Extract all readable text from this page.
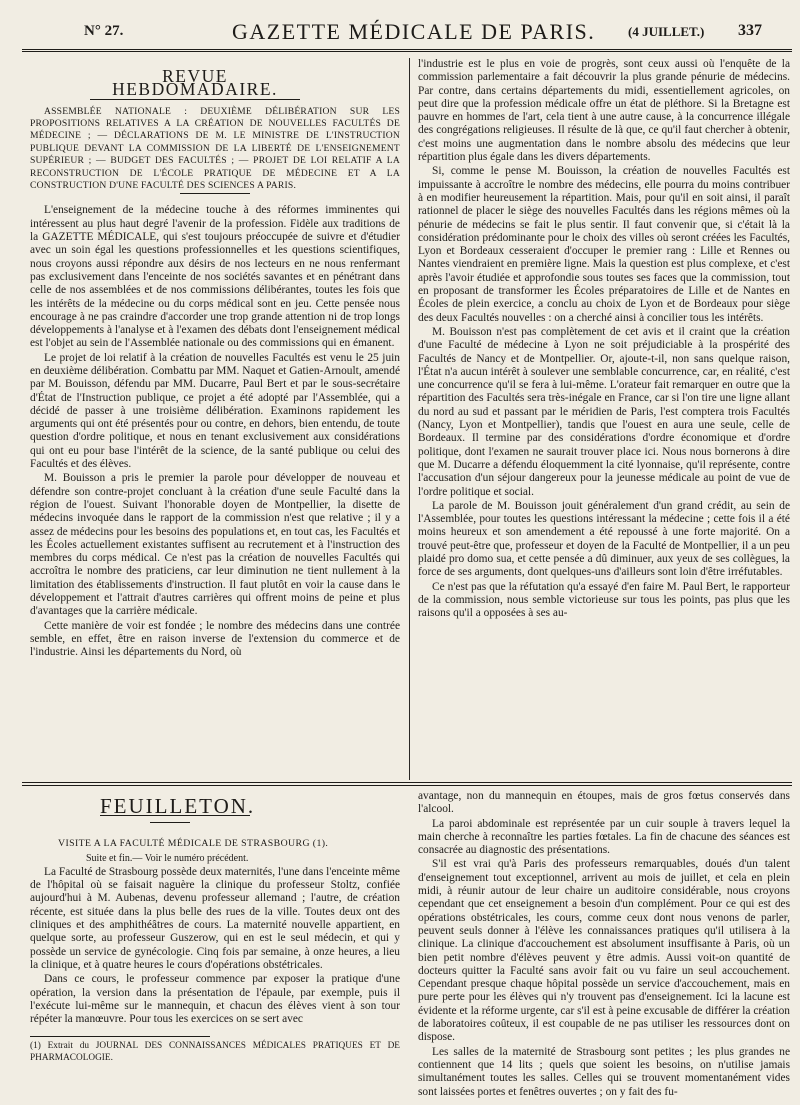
N° 27.	GAZETTE MÉDICALE DE PARIS.	(4 JUILLET.) 337
REVUE HEBDOMADAIRE.

ASSEMBLÉE NATIONALE : DEUXIÈME DÉLIBÉRATION SUR LES PROPOSITIONS RELATIVES A LA CRÉATION DE NOUVELLES FACULTÉS DE MÉDECINE ; — DÉCLARATIONS DE M. LE MINISTRE DE L'INSTRUCTION PUBLIQUE DEVANT LA COMMISSION DE LA LIBERTÉ DE L'ENSEIGNEMENT SUPÉRIEUR ; — BUDGET DES FACULTÉS ; — PROJET DE LOI RELATIF A LA RECONSTRUCTION DE L'ÉCOLE PRATIQUE DE MÉDECINE ET A LA CONSTRUCTION D'UNE FACULTÉ DES SCIENCES A PARIS.

L'enseignement de la médecine touche à des réformes imminentes qui intéressent au plus haut degré l'avenir de la profession. Fidèle aux traditions de la GAZETTE MÉDICALE, qui s'est toujours préoccupée de suivre et d'étudier avec un soin égal les questions professionnelles et les questions scientifiques, nous croyons aussi répondre aux désirs de nos lecteurs en ne nous renfermant pas exclusivement dans l'enceinte de nos sociétés savantes et en pénétrant dans celle de nos assemblées et de nos commissions délibérantes, toutes les fois que les intérêts de la médecine ou du corps médical sont en jeu. Cette pensée nous encourage à ne pas craindre d'accorder une trop grande attention ni de trop longs développements à l'analyse et à l'examen des débats dont l'enseignement médical est l'objet au sein de l'Assemblée nationale ou des commissions qui en émanent.

Le projet de loi relatif à la création de nouvelles Facultés est venu le 25 juin en deuxième délibération. Combattu par MM. Naquet et Gatien-Arnoult, amendé par M. Bouisson, défendu par MM. Ducarre, Paul Bert et par le sous-secrétaire d'État de l'Instruction publique, ce projet a été adopté par l'Assemblée, qui a décidé de passer à une troisième délibération. Examinons rapidement les arguments qui ont été présentés pour ou contre, en dehors, bien entendu, de toute question d'ordre politique, et nous en tenant exclusivement aux considérations qui ont eu pour base l'intérêt de la science, de la santé publique ou celui des Facultés et des élèves.

M. Bouisson a pris le premier la parole pour développer de nouveau et défendre son contre-projet concluant à la création d'une seule Faculté dans la région de l'ouest. Suivant l'honorable doyen de Montpellier, la disette de médecins invoquée dans le rapport de la commission n'est que relative ; il y a assez de médecins pour les besoins des populations et, en tout cas, les Facultés et les Écoles actuellement existantes suffisent au recrutement et à l'instruction des membres du corps médical. Ce n'est pas la création de nouvelles Facultés qui accroîtra le nombre des praticiens, car leur diminution ne tient nullement à la limitation des établissements d'instruction. Il faut plutôt en voir la cause dans le développement et l'attrait d'autres carrières qui offrent moins de peine et plus d'avantages que la carrière médicale.

Cette manière de voir est fondée ; le nombre des médecins dans une contrée semble, en effet, être en raison inverse de l'extension du commerce et de l'industrie. Ainsi les départements du Nord, où

l'industrie est le plus en voie de progrès, sont ceux aussi où l'enquête de la commission parlementaire a fait découvrir la plus grande pénurie de médecins. Par contre, dans certains départements du midi, essentiellement agricoles, on peut dire que la profession médicale offre un état de pléthore. Si la Bretagne est pauvre en hommes de l'art, cela tient à une autre cause, à la concurrence illégale des congrégations religieuses. Il résulte de là que, ce qu'il faut chercher à obtenir, c'est moins une augmentation dans le nombre absolu des médecins que leur répartition plus égale dans les divers départements.

Si, comme le pense M. Bouisson, la création de nouvelles Facultés est impuissante à accroître le nombre des médecins, elle pourra du moins contribuer à en modifier heureusement la répartition. Mais, pour qu'il en soit ainsi, il paraît rationnel de placer le siège des nouvelles Facultés dans les régions mêmes où la pénurie de médecins se fait le plus sentir. Il faut convenir que, si c'était là la considération prédominante pour le choix des villes où seront créées les Facultés, Lyon et Bordeaux cesseraient d'occuper le premier rang : Lille et Rennes ou Nantes viendraient en première ligne. Mais la question est plus complexe, et c'est après l'avoir étudiée et approfondie sous toutes ses faces que la commission, tout en proposant de transformer les Écoles préparatoires de Lille et de Nantes en Écoles de plein exercice, a conclu au choix de Lyon et de Bordeaux pour siège des deux Facultés nouvelles : on a cherché ainsi à concilier tous les intérêts.

M. Bouisson n'est pas complètement de cet avis et il craint que la création d'une Faculté de médecine à Lyon ne soit préjudiciable à la prospérité des Facultés de Nancy et de Montpellier. Or, ajoute-t-il, non sans quelque raison, l'État n'a aucun intérêt à soulever une semblable concurrence, car, en réalité, c'est une concurrence qu'il se fera à lui-même. L'orateur fait remarquer en outre que la répartition des Facultés sera très-inégale en France, car si l'on tire une ligne allant du nord au sud et passant par le méridien de Paris, l'est comptera trois Facultés (Nancy, Lyon et Montpellier), tandis que l'ouest en aura une seule, celle de Bordeaux. Il termine par des considérations d'ordre économique et d'ordre politique, dont l'examen ne saurait trouver place ici. Nous nous bornerons à dire que M. Ducarre a défendu éloquemment la cité lyonnaise, qu'il représente, contre l'accusation d'un séjour dangereux pour la jeunesse médicale au point de vue de l'ordre politique et social.

La parole de M. Bouisson jouit généralement d'un grand crédit, au sein de l'Assemblée, pour toutes les questions intéressant la médecine ; cette fois il a été moins heureux et son amendement a été repoussé à une forte majorité. On a trouvé peut-être que, professeur et doyen de la Faculté de Montpellier, il a un peu plaidé pro domo sua, et cette pensée a dû diminuer, aux yeux de ses collègues, la force de ses arguments, dont quelques-uns d'ailleurs sont loin d'être irréfutables.

Ce n'est pas que la réfutation qu'a essayé d'en faire M. Paul Bert, le rapporteur de la commission, nous semble victorieuse sur tous les points, pas plus que les raisons qu'il a opposées à ses au-

FEUILLETON.

VISITE A LA FACULTÉ MÉDICALE DE STRASBOURG (1).

Suite et fin.— Voir le numéro précédent.

La Faculté de Strasbourg possède deux maternités, l'une dans l'enceinte même de l'hôpital où se faisait naguère la clinique du professeur Stoltz, confiée aujourd'hui à M. Aubenas, devenu professeur allemand ; l'autre, de création récente, est située dans la plus belle des rues de la ville. Toutes deux ont des cliniques et des amphithéâtres de cours. La maternité nouvelle appartient, en quelque sorte, au professeur Guszerow, qui en est le seul médecin, et qui y possède un service de gynécologie. Cinq fois par semaine, à onze heures, a lieu la clinique, et à quatre heures le cours d'opérations obstétricales.

Dans ce cours, le professeur commence par exposer la pratique d'une opération, la version dans la présentation de l'épaule, par exemple, puis il l'exécute lui-même sur le mannequin, et chacun des élèves vient à son tour répéter la manœuvre. Pour tous les exercices on se sert avec

(1) Extrait du JOURNAL DES CONNAISSANCES MÉDICALES PRATIQUES ET DE PHARMACOLOGIE.

avantage, non du mannequin en étoupes, mais de gros fœtus conservés dans l'alcool.

La paroi abdominale est représentée par un cuir souple à travers lequel la main cherche à reconnaître les parties fœtales. La fin de chacune des séances est consacrée au diagnostic des présentations.

S'il est vrai qu'à Paris des professeurs remarquables, doués d'un talent d'enseignement tout exceptionnel, arrivent au mois de juillet, et cela en plein midi, à réunir autour de leur chaire un auditoire considérable, nous croyons cependant que cet enseignement a besoin d'un complément. Pour ce qui est des opérations obstétricales, les cours, comme ceux dont nous venons de parler, peuvent seuls donner à l'élève les connaissances pratiques qu'il utilisera à la clinique. La clinique d'accouchement est absolument insuffisante à Paris, où un bien petit nombre d'élèves peuvent y être admis. Aussi voit-on quantité de docteurs quitter la Faculté sans avoir fait ou vu faire un seul accouchement. Cependant presque chaque hôpital possède un service d'accouchement, mais en pure perte pour les élèves qui n'y trouvent pas d'enseignement. Ici la lacune est évidente et la réforme urgente, car s'il est à peine excusable de différer la création de laboratoires coûteux, il est coupable de ne pas utiliser les ressources dont on dispose.

Les salles de la maternité de Strasbourg sont petites ; les plus grandes ne contiennent que 14 lits ; quels que soient les besoins, on n'utilise jamais simultanément toutes les salles. Celles qui se trouvent momentanément vides sont laissées portes et fenêtres ouvertes ; on y fait des fu-
